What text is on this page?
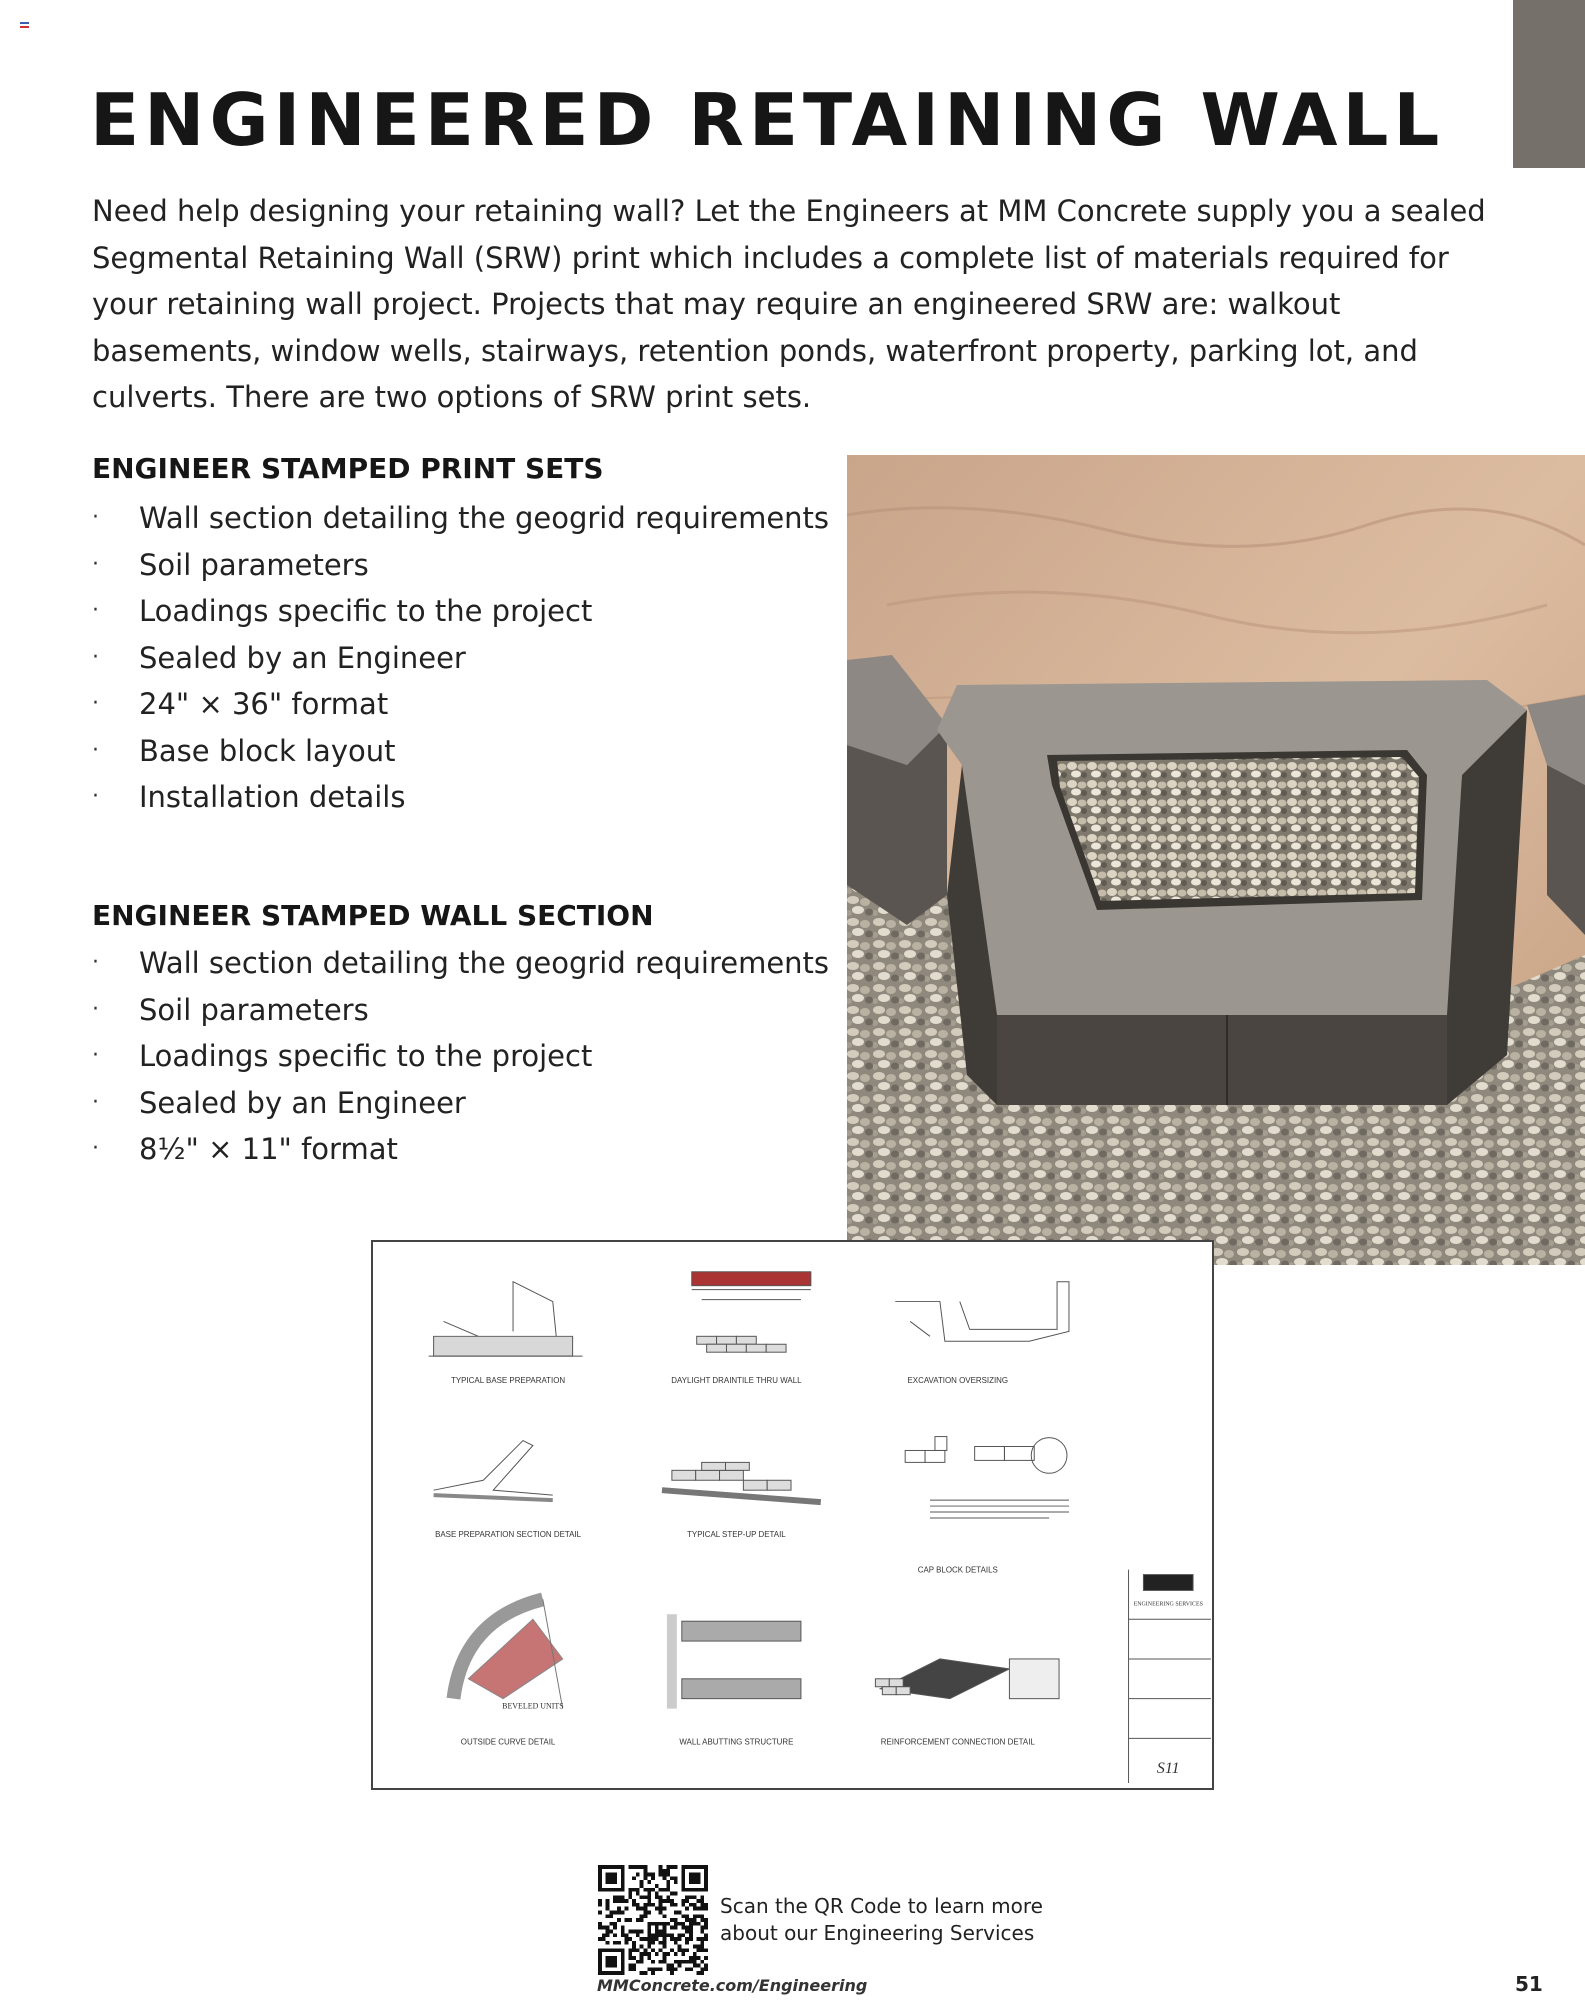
ENGINEERED RETAINING WALL

Need help designing your retaining wall? Let the Engineers at MM Concrete supply you a sealed Segmental Retaining Wall (SRW) print which includes a complete list of materials required for your retaining wall project. Projects that may require an engineered SRW are: walkout basements, window wells, stairways, retention ponds, waterfront property, parking lot, and culverts. There are two options of SRW print sets.

ENGINEER STAMPED PRINT SETS
· Wall section detailing the geogrid requirements
· Soil parameters
· Loadings specific to the project
· Sealed by an Engineer
· 24" × 36" format
· Base block layout
· Installation details
ENGINEER STAMPED WALL SECTION
· Wall section detailing the geogrid requirements
· Soil parameters
· Loadings specific to the project
· Sealed by an Engineer
· 8½" × 11" format
TYPICAL BASE PREPARATION	DAYLIGHT DRAINTILE THRU WALL	EXCAVATION OVERSIZING
BASE PREPARATION SECTION DETAIL	TYPICAL STEP-UP DETAIL
CAP BLOCK DETAILS
OUTSIDE CURVE DETAIL	WALL ABUTTING STRUCTURE	REINFORCEMENT CONNECTION DETAIL
BEVELED UNITS
ENGINEERING SERVICES
S11
Scan the QR Code to learn more
about our Engineering Services
MMConcrete.com/Engineering	51
